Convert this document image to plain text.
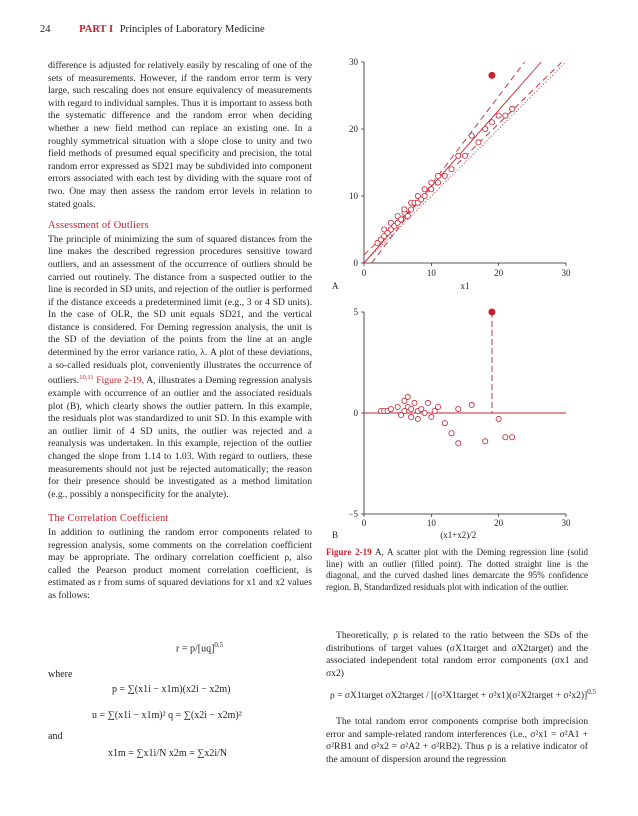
24	PART I Principles of Laboratory Medicine

difference is adjusted for relatively easily by rescaling of one of the sets of measurements. However, if the random error term is very large, such rescaling does not ensure equivalency of measurements with regard to individual samples. Thus it is important to assess both the systematic difference and the random error when deciding whether a new field method can replace an existing one. In a roughly symmetrical situation with a slope close to unity and two field methods of presumed equal specificity and precision, the total random error expressed as SD21 may be subdivided into component errors associated with each test by dividing with the square root of two. One may then assess the random error levels in relation to stated goals.

Assessment of Outliers

The principle of minimizing the sum of squared distances from the line makes the described regression procedures sensitive toward outliers, and an assessment of the occurrence of outliers should be carried out routinely. The distance from a suspected outlier to the line is recorded in SD units, and rejection of the outlier is performed if the distance exceeds a predetermined limit (e.g., 3 or 4 SD units). In the case of OLR, the SD unit equals SD21, and the vertical distance is considered. For Deming regression analysis, the unit is the SD of the deviation of the points from the line at an angle determined by the error variance ratio, λ. A plot of these deviations, a so-called residuals plot, conveniently illustrates the occurrence of outliers.$^{10,11}$ Figure 2-19, A, illustrates a Deming regression analysis example with occurrence of an outlier and the associated residuals plot (B), which clearly shows the outlier pattern. In this example, the residuals plot was standardized to unit SD. In this example with an outlier limit of 4 SD units, the outlier was rejected and a reanalysis was undertaken. In this example, rejection of the outlier changed the slope from 1.14 to 1.03. With regard to outliers, these measurements should not just be rejected automatically; the reason for their presence should be investigated as a method limitation (e.g., possibly a nonspecificity for the analyte).

The Correlation Coefficient

In addition to outlining the random error components related to regression analysis, some comments on the correlation coefficient may be appropriate. The ordinary correlation coefficient ρ, also called the Pearson product moment correlation coefficient, is estimated as r from sums of squared deviations for x1 and x2 values as follows:

r = p/[uq]$^{0.5}$
where
p = ∑(x1i − x1m)(x2i − x2m)
u = ∑(x1i − x1m)² q = ∑(x2i − x2m)²
and
x1m = ∑x1i/N x2m = ∑x2i/N
0	10	20	30
0
10
20
30
x1
A
0	10	20	30
−5
0
5
(x1+x2)/2
B
Figure 2-19 A, A scatter plot with the Deming regression line (solid line) with an outlier (filled point). The dotted straight line is the diagonal, and the curved dashed lines demarcate the 95% confidence region. B, Standardized residuals plot with indication of the outlier.

Theoretically, ρ is related to the ratio between the SDs of the distributions of target values (σX1target and σX2target) and the associated independent total random error components (σx1 and σx2)

ρ = σX1target σX2target / [(σ²X1target + σ²x1)(σ²X2target + σ²x2)]$^{0.5}$

The total random error components comprise both imprecision error and sample-related random interferences (i.e., σ²x1 = σ²A1 + σ²RB1 and σ²x2 = σ²A2 + σ²RB2). Thus ρ is a relative indicator of the amount of dispersion around the regression
